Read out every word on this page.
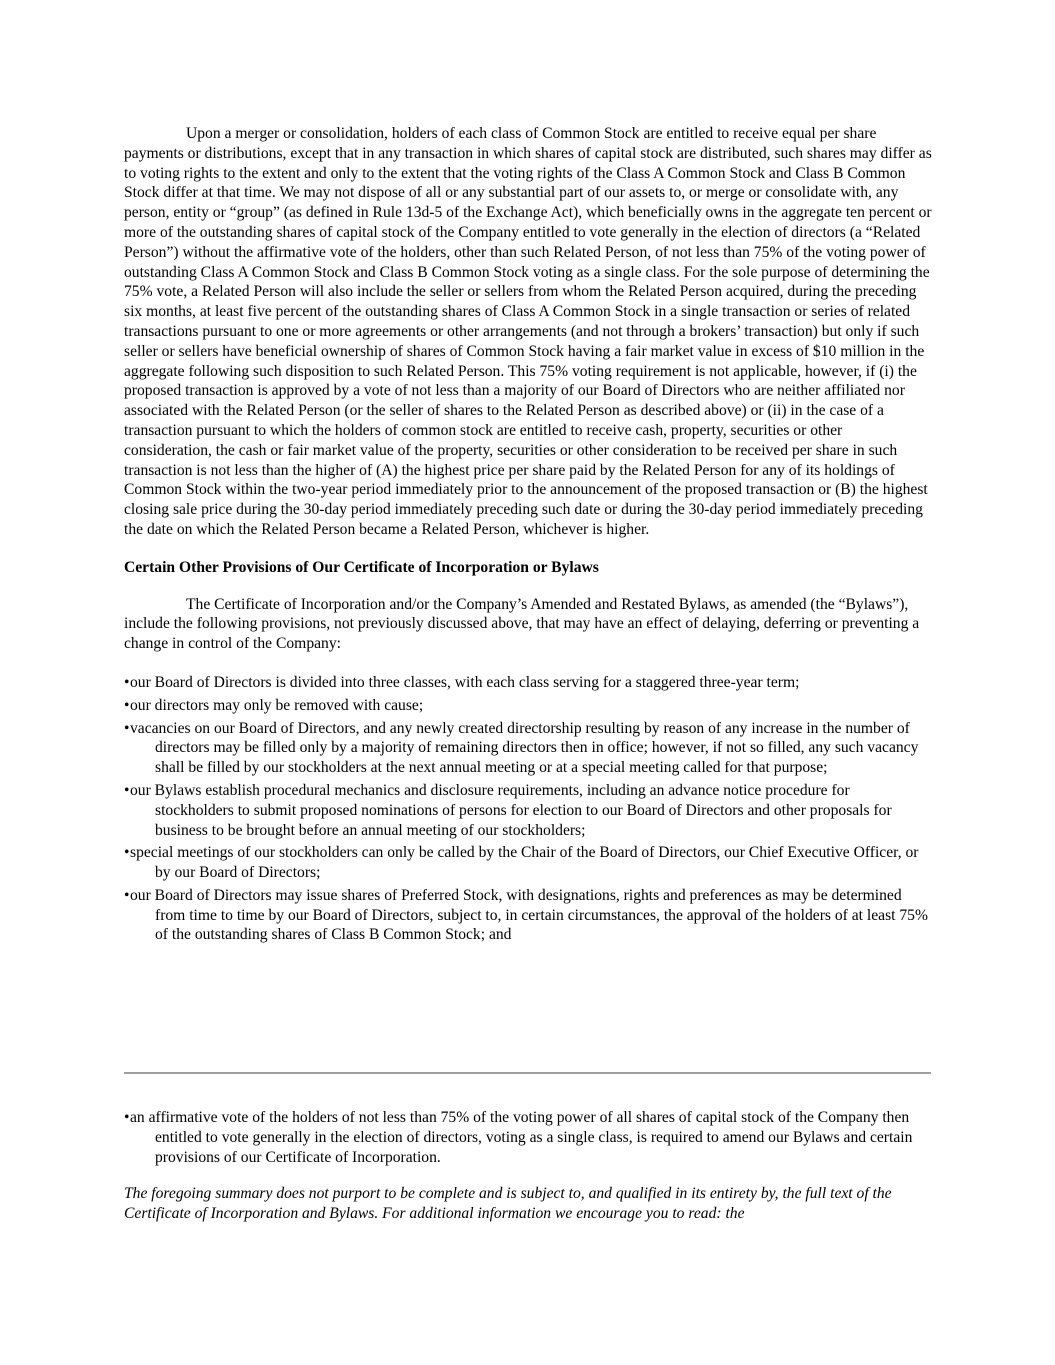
Upon a merger or consolidation, holders of each class of Common Stock are entitled to receive equal per share payments or distributions, except that in any transaction in which shares of capital stock are distributed, such shares may differ as to voting rights to the extent and only to the extent that the voting rights of the Class A Common Stock and Class B Common Stock differ at that time. We may not dispose of all or any substantial part of our assets to, or merge or consolidate with, any person, entity or “group” (as defined in Rule 13d-5 of the Exchange Act), which beneficially owns in the aggregate ten percent or more of the outstanding shares of capital stock of the Company entitled to vote generally in the election of directors (a “Related Person”) without the affirmative vote of the holders, other than such Related Person, of not less than 75% of the voting power of outstanding Class A Common Stock and Class B Common Stock voting as a single class. For the sole purpose of determining the 75% vote, a Related Person will also include the seller or sellers from whom the Related Person acquired, during the preceding six months, at least five percent of the outstanding shares of Class A Common Stock in a single transaction or series of related transactions pursuant to one or more agreements or other arrangements (and not through a brokers’ transaction) but only if such seller or sellers have beneficial ownership of shares of Common Stock having a fair market value in excess of $10 million in the aggregate following such disposition to such Related Person. This 75% voting requirement is not applicable, however, if (i) the proposed transaction is approved by a vote of not less than a majority of our Board of Directors who are neither affiliated nor associated with the Related Person (or the seller of shares to the Related Person as described above) or (ii) in the case of a transaction pursuant to which the holders of common stock are entitled to receive cash, property, securities or other consideration, the cash or fair market value of the property, securities or other consideration to be received per share in such transaction is not less than the higher of (A) the highest price per share paid by the Related Person for any of its holdings of Common Stock within the two-year period immediately prior to the announcement of the proposed transaction or (B) the highest closing sale price during the 30-day period immediately preceding such date or during the 30-day period immediately preceding the date on which the Related Person became a Related Person, whichever is higher.

Certain Other Provisions of Our Certificate of Incorporation or Bylaws

The Certificate of Incorporation and/or the Company’s Amended and Restated Bylaws, as amended (the “Bylaws”), include the following provisions, not previously discussed above, that may have an effect of delaying, deferring or preventing a change in control of the Company:

•our Board of Directors is divided into three classes, with each class serving for a staggered three-year term;
•our directors may only be removed with cause;
•vacancies on our Board of Directors, and any newly created directorship resulting by reason of any increase in the number of directors may be filled only by a majority of remaining directors then in office; however, if not so filled, any such vacancy shall be filled by our stockholders at the next annual meeting or at a special meeting called for that purpose;
•our Bylaws establish procedural mechanics and disclosure requirements, including an advance notice procedure for stockholders to submit proposed nominations of persons for election to our Board of Directors and other proposals for business to be brought before an annual meeting of our stockholders;
•special meetings of our stockholders can only be called by the Chair of the Board of Directors, our Chief Executive Officer, or by our Board of Directors;
•our Board of Directors may issue shares of Preferred Stock, with designations, rights and preferences as may be determined from time to time by our Board of Directors, subject to, in certain circumstances, the approval of the holders of at least 75% of the outstanding shares of Class B Common Stock; and
•an affirmative vote of the holders of not less than 75% of the voting power of all shares of capital stock of the Company then entitled to vote generally in the election of directors, voting as a single class, is required to amend our Bylaws and certain provisions of our Certificate of Incorporation.

The foregoing summary does not purport to be complete and is subject to, and qualified in its entirety by, the full text of the Certificate of Incorporation and Bylaws. For additional information we encourage you to read: the
